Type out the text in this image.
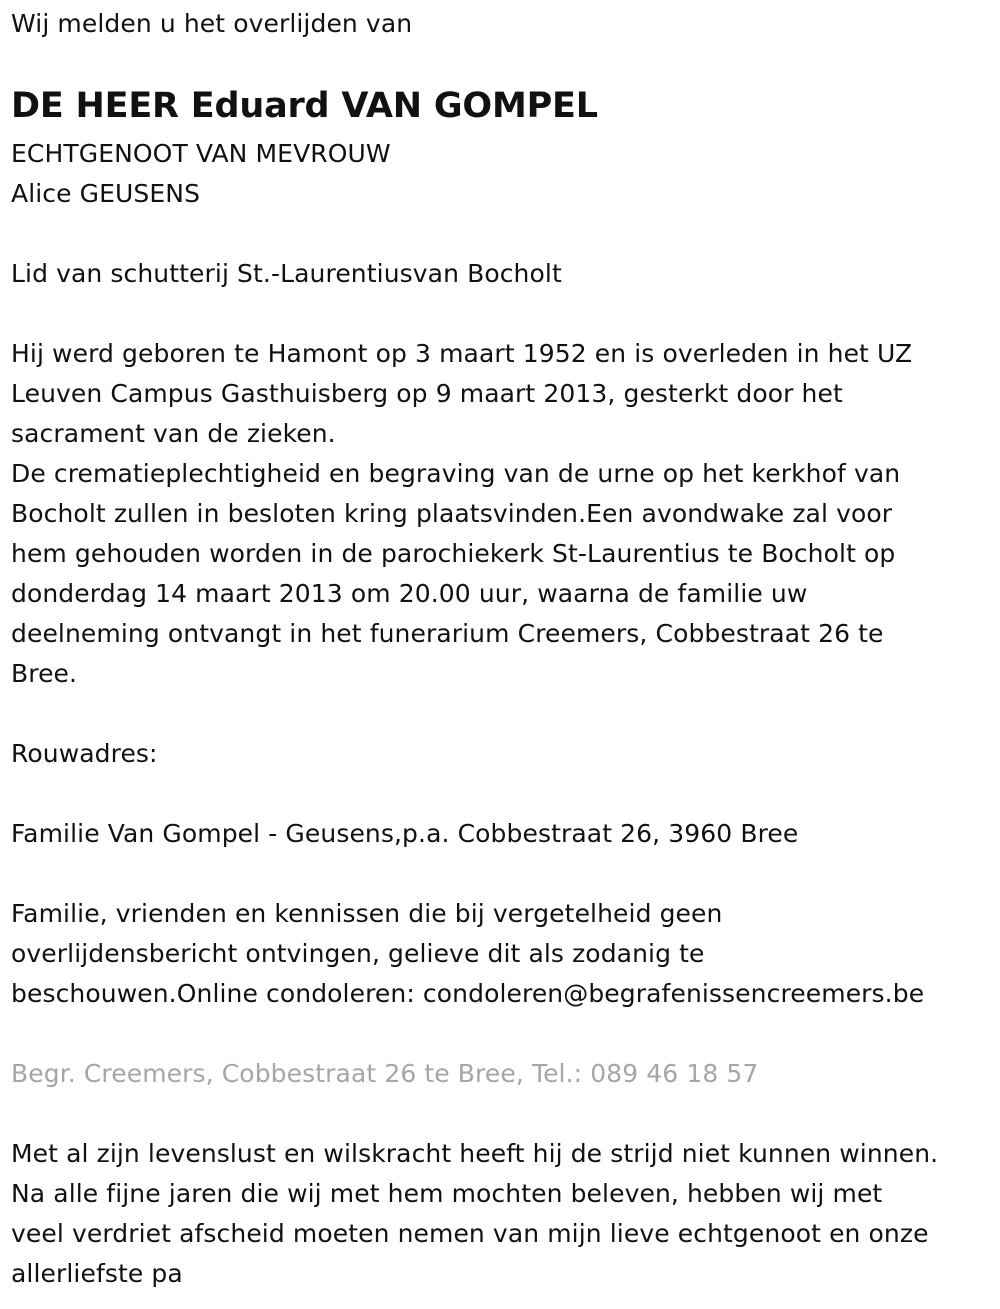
Wij melden u het overlijden van
DE HEER Eduard VAN GOMPEL
ECHTGENOOT VAN MEVROUW
Alice GEUSENS
Lid van schutterij St.-Laurentiusvan Bocholt
Hij werd geboren te Hamont op 3 maart 1952 en is overleden in het UZ
Leuven Campus Gasthuisberg op 9 maart 2013, gesterkt door het
sacrament van de zieken.
De crematieplechtigheid en begraving van de urne op het kerkhof van
Bocholt zullen in besloten kring plaatsvinden.Een avondwake zal voor
hem gehouden worden in de parochiekerk St-Laurentius te Bocholt op
donderdag 14 maart 2013 om 20.00 uur, waarna de familie uw
deelneming ontvangt in het funerarium Creemers, Cobbestraat 26 te
Bree.
Rouwadres:
Familie Van Gompel - Geusens,p.a. Cobbestraat 26, 3960 Bree
Familie, vrienden en kennissen die bij vergetelheid geen
overlijdensbericht ontvingen, gelieve dit als zodanig te
beschouwen.Online condoleren: condoleren@begrafenissencreemers.be
Begr. Creemers, Cobbestraat 26 te Bree, Tel.: 089 46 18 57
Met al zijn levenslust en wilskracht heeft hij de strijd niet kunnen winnen.
Na alle fijne jaren die wij met hem mochten beleven, hebben wij met
veel verdriet afscheid moeten nemen van mijn lieve echtgenoot en onze
allerliefste pa
